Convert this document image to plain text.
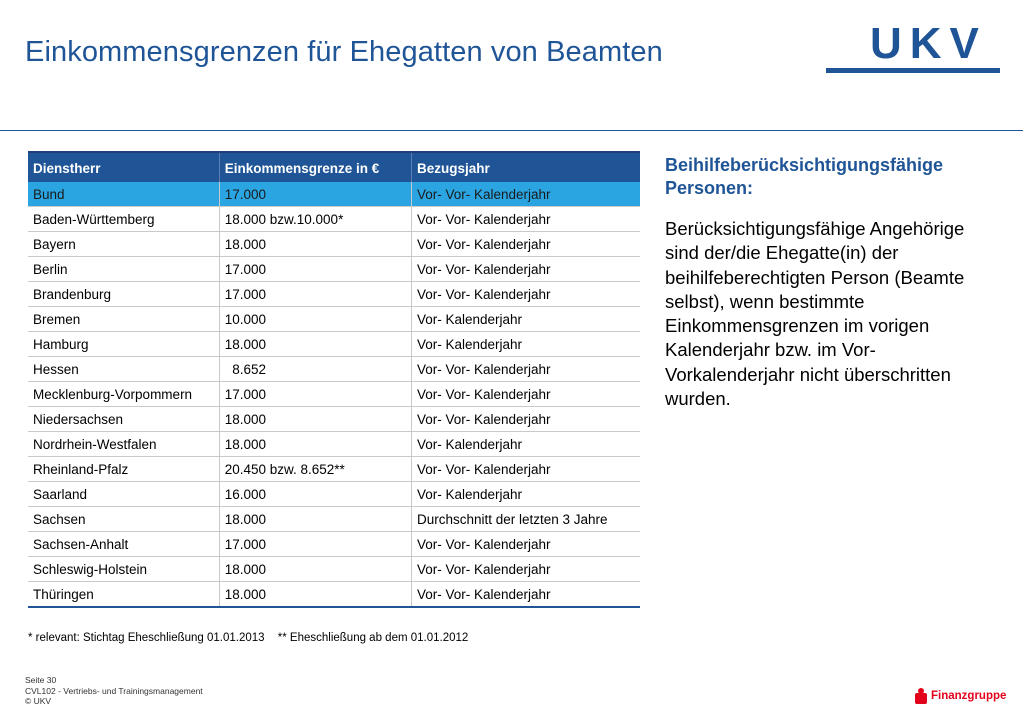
Einkommensgrenzen für Ehegatten von Beamten	UKV
Dienstherr	Einkommensgrenze in €	Bezugsjahr
Bund	17.000	Vor- Vor- Kalenderjahr
Baden-Württemberg	18.000 bzw.10.000*	Vor- Vor- Kalenderjahr
Bayern	18.000	Vor- Vor- Kalenderjahr
Berlin	17.000	Vor- Vor- Kalenderjahr
Brandenburg	17.000	Vor- Vor- Kalenderjahr
Bremen	10.000	Vor- Kalenderjahr
Hamburg	18.000	Vor- Kalenderjahr
Hessen	8.652	Vor- Vor- Kalenderjahr
Mecklenburg-Vorpommern	17.000	Vor- Vor- Kalenderjahr
Niedersachsen	18.000	Vor- Vor- Kalenderjahr
Nordrhein-Westfalen	18.000	Vor- Kalenderjahr
Rheinland-Pfalz	20.450 bzw. 8.652**	Vor- Vor- Kalenderjahr
Saarland	16.000	Vor- Kalenderjahr
Sachsen	18.000	Durchschnitt der letzten 3 Jahre
Sachsen-Anhalt	17.000	Vor- Vor- Kalenderjahr
Schleswig-Holstein	18.000	Vor- Vor- Kalenderjahr
Thüringen	18.000	Vor- Vor- Kalenderjahr
* relevant: Stichtag Eheschließung 01.01.2013 ** Eheschließung ab dem 01.01.2012
Beihilfeberücksichtigungsfähige Personen:
Berücksichtigungsfähige Angehörige sind der/die Ehegatte(in) der beihilfeberechtigten Person (Beamte selbst), wenn bestimmte Einkommensgrenzen im vorigen Kalenderjahr bzw. im Vor- Vorkalenderjahr nicht überschritten wurden.
Seite 30
CVL102 - Vertriebs- und Trainingsmanagement
© UKV	Finanzgruppe
